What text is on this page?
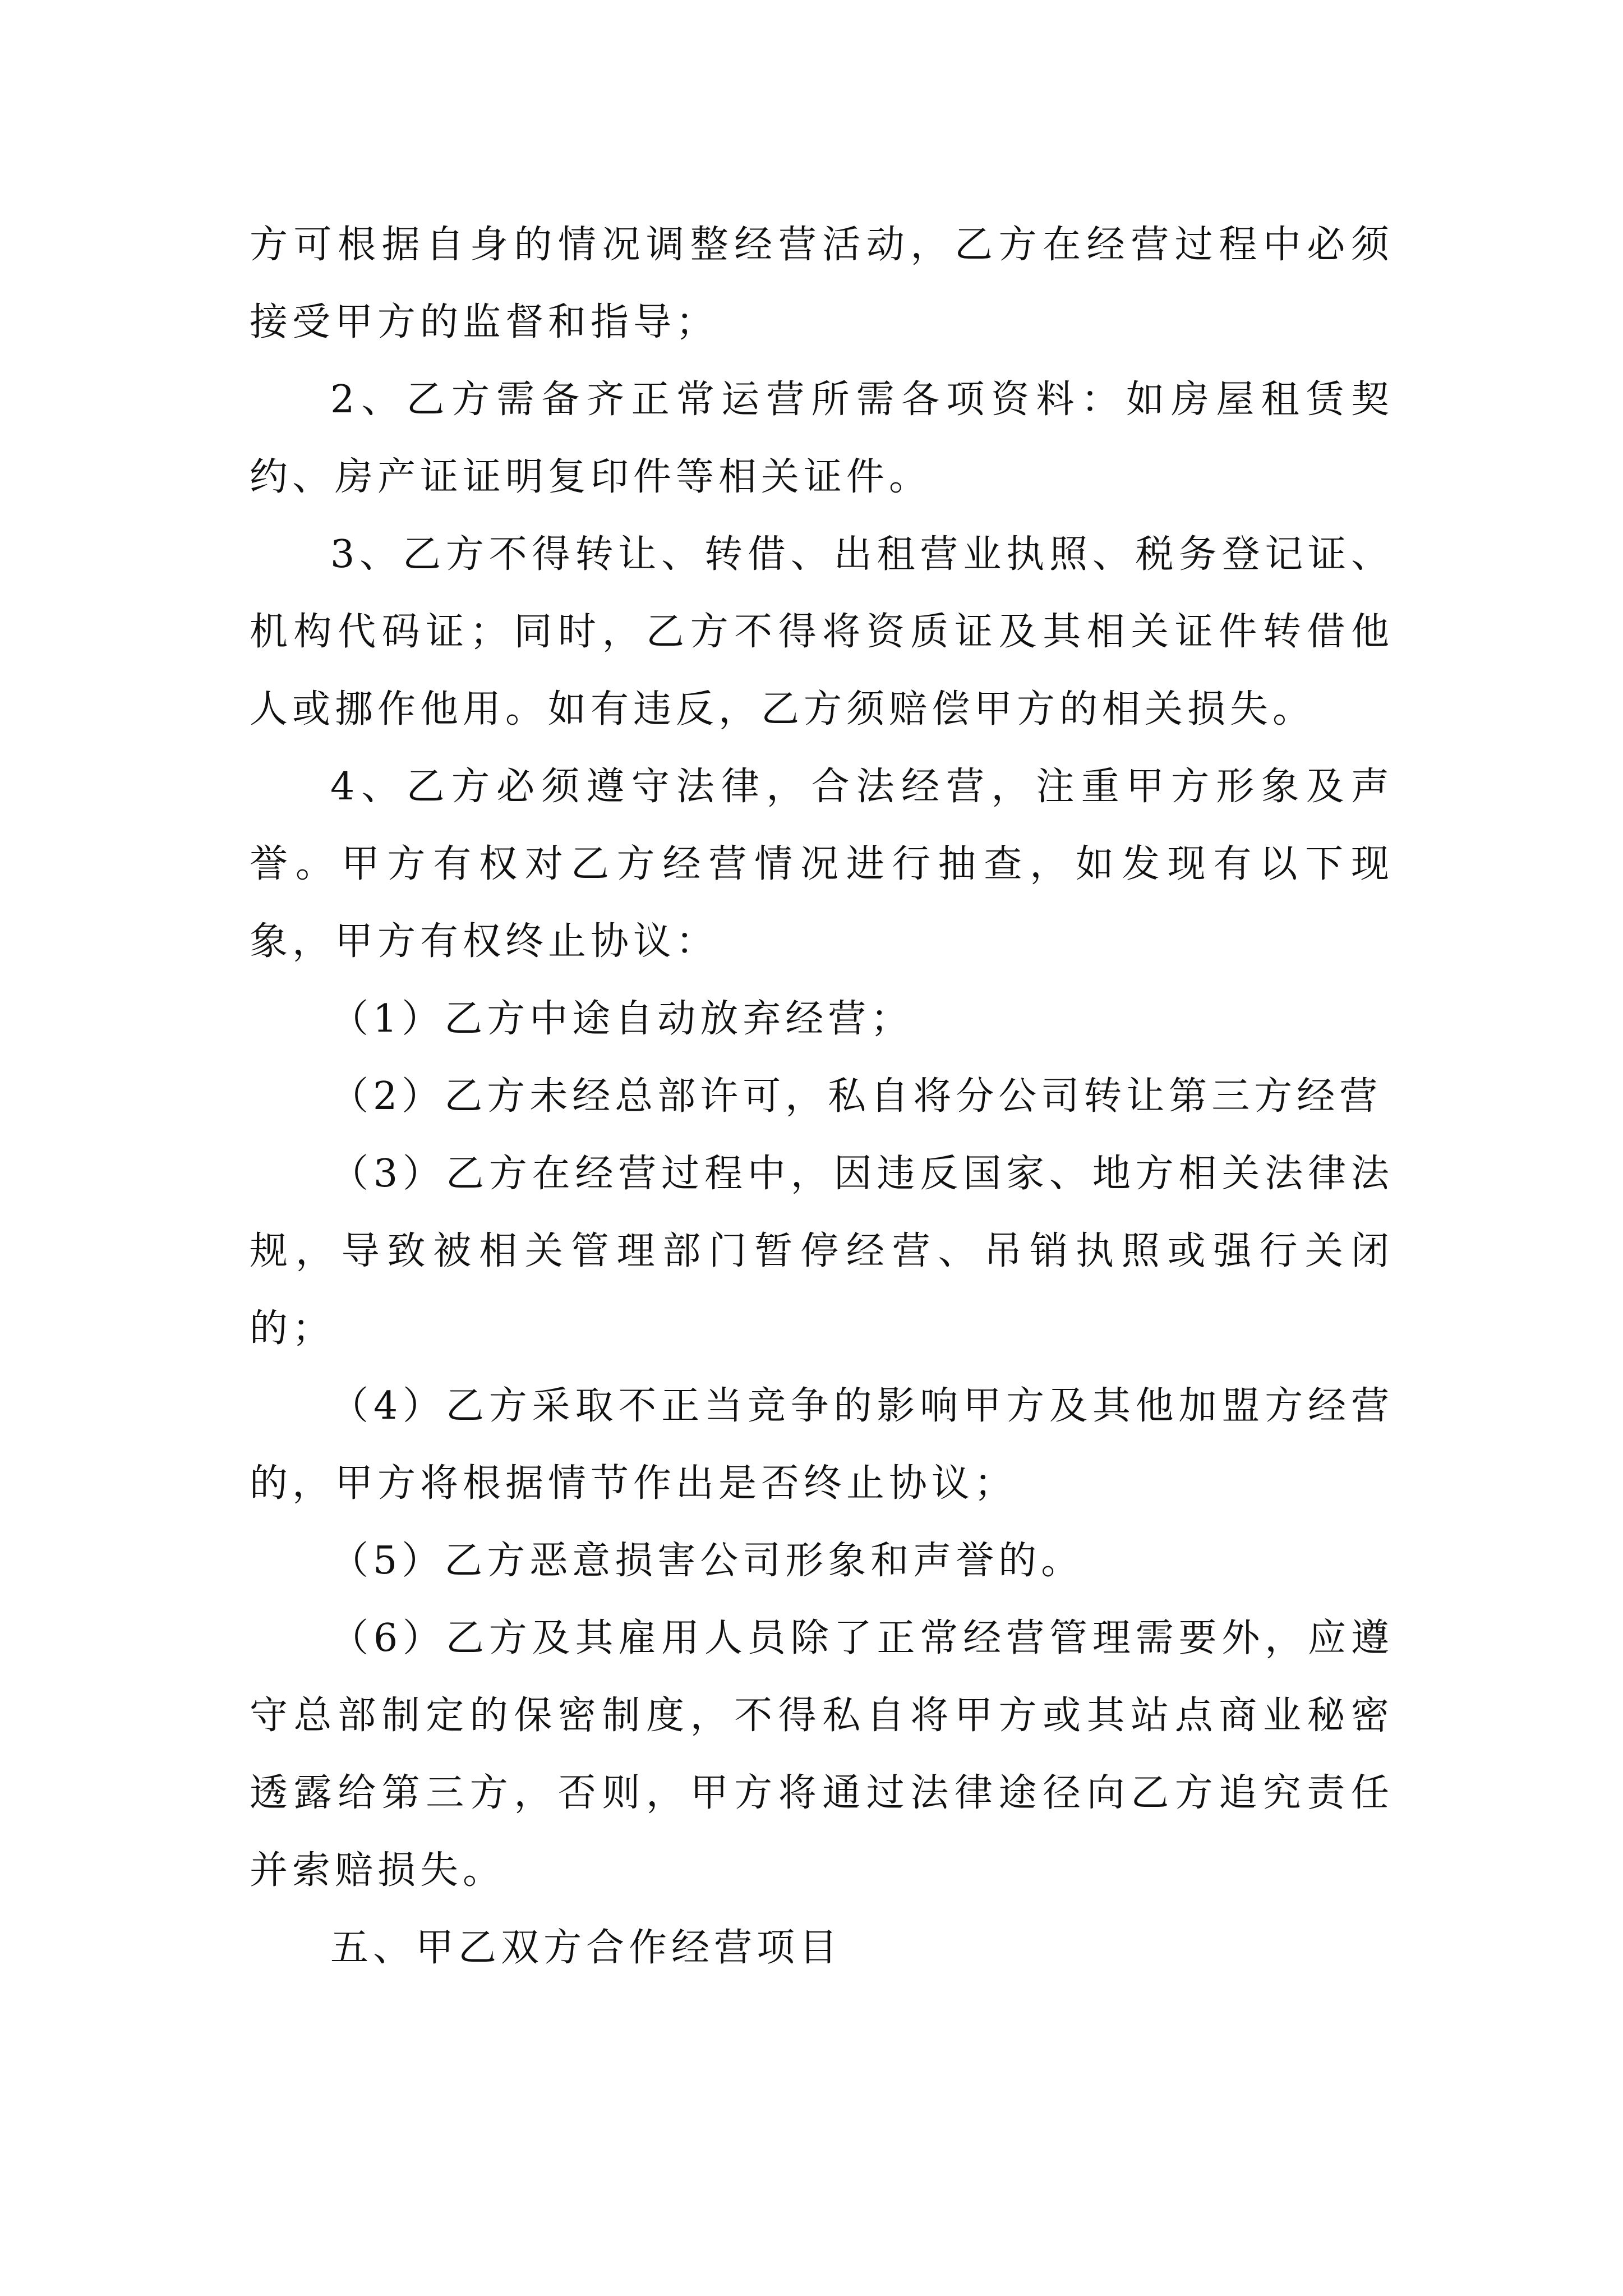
方可根据自身的情况调整经营活动，乙方在经营过程中必须接受甲方的监督和指导；

2、乙方需备齐正常运营所需各项资料：如房屋租赁契约、房产证证明复印件等相关证件。

3、乙方不得转让、转借、出租营业执照、税务登记证、机构代码证；同时，乙方不得将资质证及其相关证件转借他人或挪作他用。如有违反，乙方须赔偿甲方的相关损失。

4、乙方必须遵守法律，合法经营，注重甲方形象及声誉。甲方有权对乙方经营情况进行抽查，如发现有以下现象，甲方有权终止协议：

（1）乙方中途自动放弃经营；

（2）乙方未经总部许可，私自将分公司转让第三方经营

（3）乙方在经营过程中，因违反国家、地方相关法律法规，导致被相关管理部门暂停经营、吊销执照或强行关闭的；

（4）乙方采取不正当竞争的影响甲方及其他加盟方经营的，甲方将根据情节作出是否终止协议；

（5）乙方恶意损害公司形象和声誉的。

（6）乙方及其雇用人员除了正常经营管理需要外，应遵守总部制定的保密制度，不得私自将甲方或其站点商业秘密透露给第三方，否则，甲方将通过法律途径向乙方追究责任并索赔损失。

五、甲乙双方合作经营项目
